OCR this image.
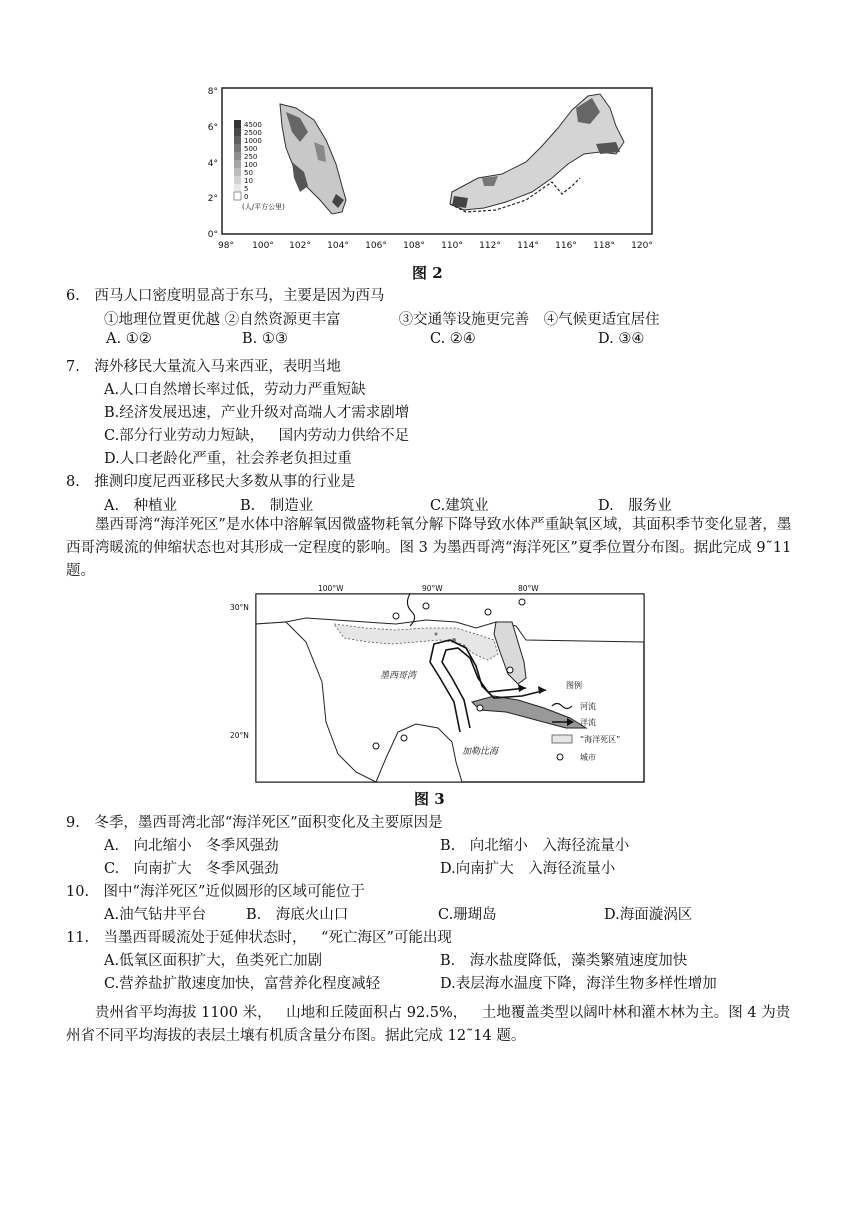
4500
2500
1000
500
250
100
50
10
5
0
(人/平方公里)
8°
6°
4°
2°
0°
98° 100° 102° 104° 106° 108° 110° 112° 114° 116° 118° 120°
图 2
6. 西马人口密度明显高于东马，主要是因为西马
①地理位置更优越 ②自然资源更丰富    ③交通等设施更完善 ④气候更适宜居住
A. ①②	B. ①③	C. ②④	D. ③④
7. 海外移民大量流入马来西亚，表明当地
A.人口自然增长率过低，劳动力严重短缺
B.经济发展迅速，产业升级对高端人才需求剧增
C.部分行业劳动力短缺， 国内劳动力供给不足
D.人口老龄化严重，社会养老负担过重
8. 推测印度尼西亚移民大多数从事的行业是
A. 种植业	B. 制造业	C.建筑业	D. 服务业
墨西哥湾“海洋死区”是水体中溶解氧因微盛物耗氧分解下降导致水体严重缺氧区域，其面积季节变化显著，墨西哥湾暖流的伸缩状态也对其形成一定程度的影响。图 3 为墨西哥湾“海洋死区”夏季位置分布图。据此完成 9˜11 题。
100°W	90°W	80°W
30°N
20°N
墨西哥湾
加勒比海
图例
河流
洋流
“海洋死区”
城市
图 3
9. 冬季，墨西哥湾北部“海洋死区”面积变化及主要原因是
A. 向北缩小 冬季风强劲	B. 向北缩小 入海径流量小
C. 向南扩大 冬季风强劲	D.向南扩大 入海径流量小
10. 图中“海洋死区”近似圆形的区域可能位于
A.油气钻井平台	B. 海底火山口	C.珊瑚岛	D.海面漩涡区
11. 当墨西哥暖流处于延伸状态时， “死亡海区”可能出现
A.低氧区面积扩大，鱼类死亡加剧	B. 海水盐度降低，藻类繁殖速度加快
C.营养盐扩散速度加快，富营养化程度减轻	D.表层海水温度下降，海洋生物多样性增加
贵州省平均海拔 1100 米， 山地和丘陵面积占 92.5%， 土地覆盖类型以阔叶林和灌木林为主。图 4 为贵州省不同平均海拔的表层土壤有机质含量分布图。据此完成 12˜14 题。
